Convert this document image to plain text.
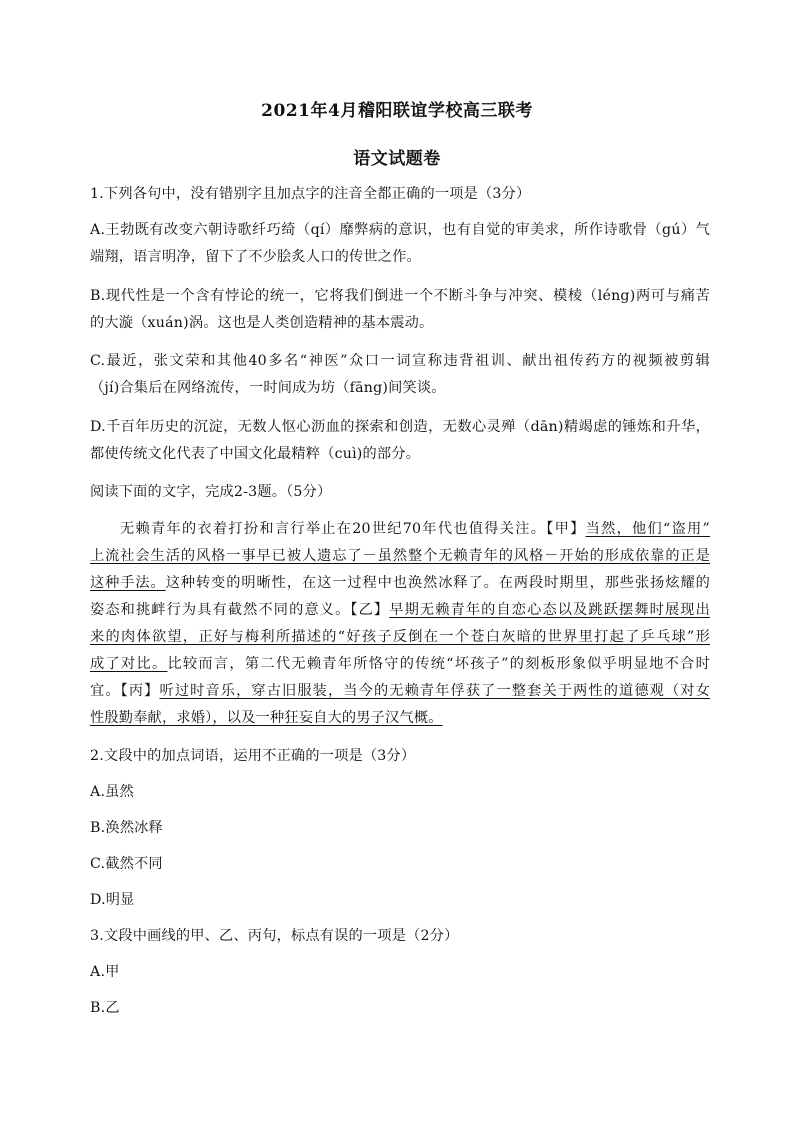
2021年4月稽阳联谊学校高三联考
语文试题卷
1.下列各句中，没有错别字且加点字的注音全都正确的一项是（3分）
A.王勃既有改变六朝诗歌纤巧绮（qí）靡弊病的意识，也有自觉的审美求，所作诗歌骨（gú）气
端翔，语言明净，留下了不少脍炙人口的传世之作。
B.现代性是一个含有悖论的统一，它将我们倒进一个不断斗争与冲突、模棱（léng)两可与痛苦
的大漩（xuán)涡。这也是人类创造精神的基本震动。
C.最近，张文荣和其他40多名“神医”众口一词宣称违背祖训、献出祖传药方的视频被剪辑
（jí)合集后在网络流传，一时间成为坊（fāng)间笑谈。
D.千百年历史的沉淀，无数人怄心沥血的探索和创造，无数心灵殚（dān)精竭虑的锤炼和升华，
都使传统文化代表了中国文化最精粹（cuì)的部分。
阅读下面的文字，完成2-3题。（5分）
无赖青年的衣着打扮和言行举止在20世纪70年代也值得关注。【甲】当然，他们“盗用”
上流社会生活的风格一事早已被人遗忘了－虽然整个无赖青年的风格－开始的形成依靠的正是
这种手法。这种转变的明晰性，在这一过程中也涣然冰释了。在两段时期里，那些张扬炫耀的
姿态和挑衅行为具有截然不同的意义。【乙】早期无赖青年的自恋心态以及跳跃摆舞时展现出
来的肉体欲望，正好与梅利所描述的“好孩子反倒在一个苍白灰暗的世界里打起了乒乓球”形
成了对比。比较而言，第二代无赖青年所恪守的传统“坏孩子”的刻板形象似乎明显地不合时
宜。【丙】听过时音乐，穿古旧服装，当今的无赖青年俘获了一整套关于两性的道德观（对女
性殷勤奉献，求婚），以及一种狂妄自大的男子汉气概。
2.文段中的加点词语，运用不正确的一项是（3分）
A.虽然
B.涣然冰释
C.截然不同
D.明显
3.文段中画线的甲、乙、丙句，标点有误的一项是（2分）
A.甲
B.乙
